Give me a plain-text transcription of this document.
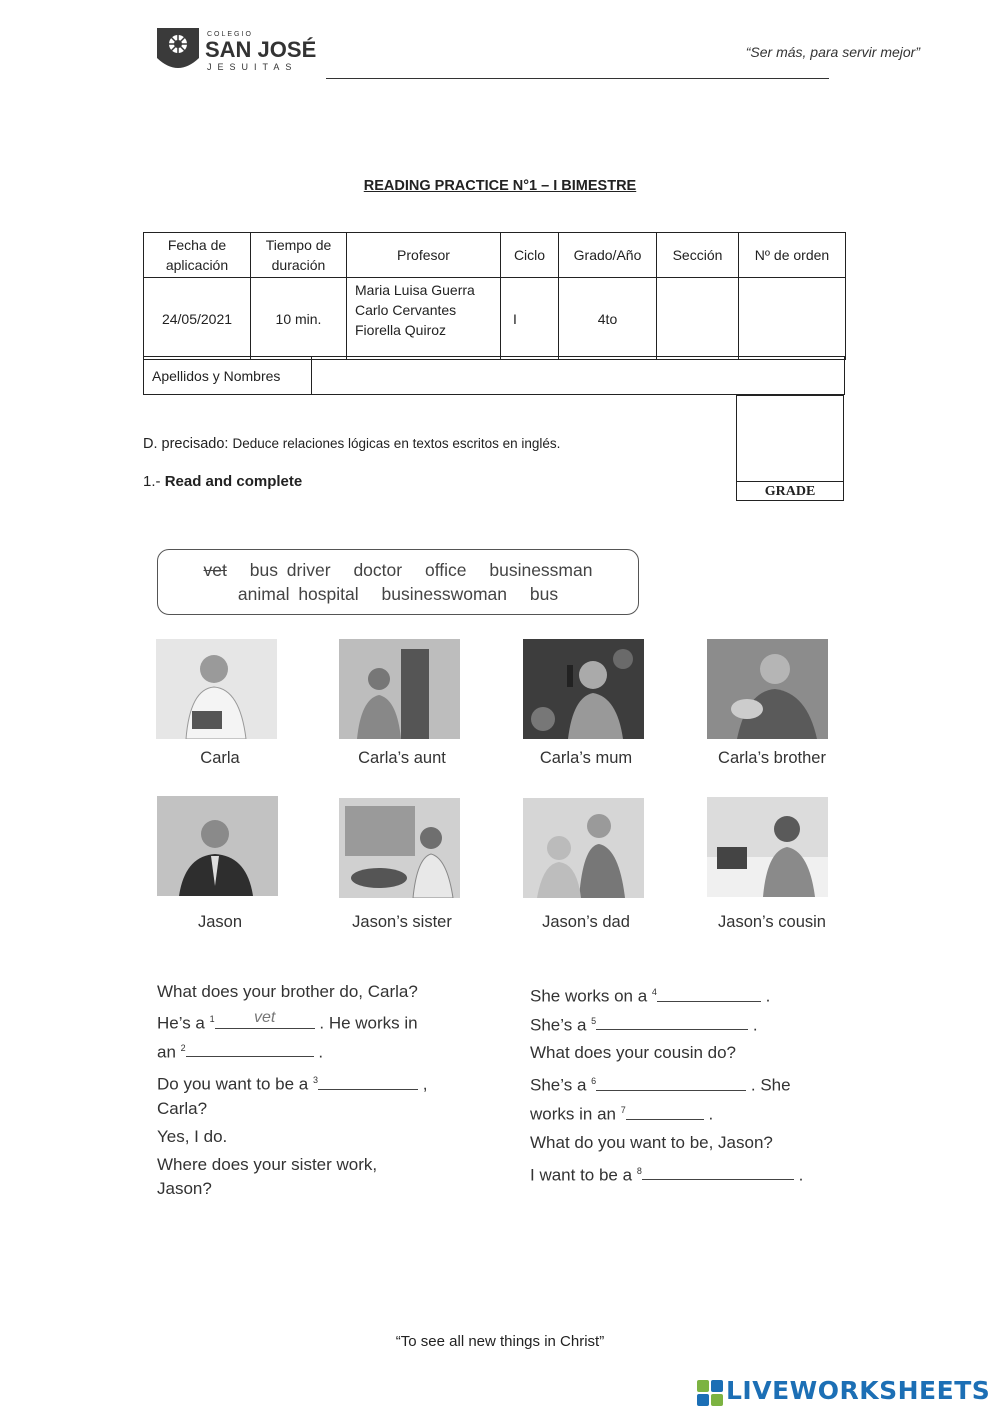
COLEGIO
SAN JOSÉ
JESUITAS
“Ser más, para servir mejor”
READING PRACTICE N°1 – I BIMESTRE
Fecha de aplicación	Tiempo de duración	Profesor	Ciclo	Grado/Año	Sección	Nº de orden
24/05/2021	10 min.	Maria Luisa Guerra
Carlo Cervantes
Fiorella Quiroz	I	4to		
Apellidos y Nombres	
GRADE
D. precisado: Deduce relaciones lógicas en textos escritos en inglés.
1.- Read and complete
vet bus driver doctor office businessman
animal hospital businesswoman bus
Carla	Carla’s aunt	Carla’s mum	Carla’s brother
Jason	Jason’s sister	Jason’s dad	Jason’s cousin
What does your brother do, Carla?
He’s a $^1$	vet	. He works in
an $^2$	.
Do you want to be a $^3$	,
Carla?
Yes, I do.
Where does your sister work,
Jason?
She works on a $^4$	.
She’s a $^5$	.
What does your cousin do?
She’s a $^6$	. She
works in an $^7$	.
What do you want to be, Jason?
I want to be a $^8$	.
“To see all new things in Christ”
LIVEWORKSHEETS
